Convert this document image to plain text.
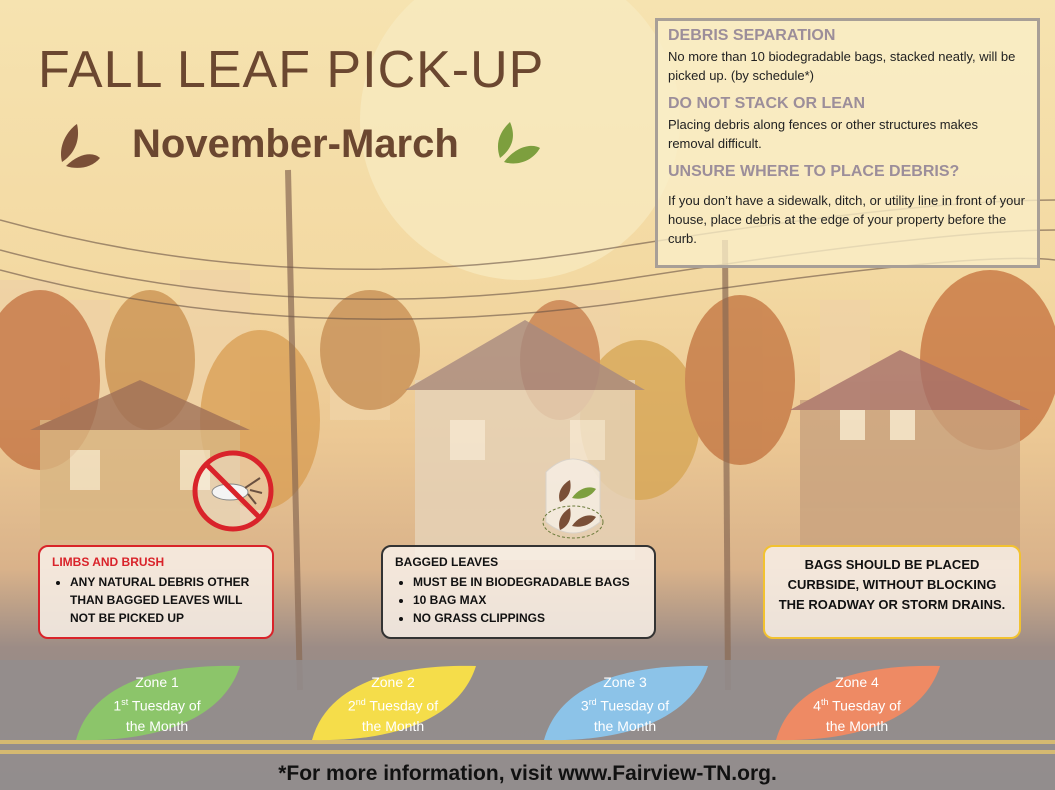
FALL LEAF PICK-UP
November-March
DEBRIS SEPARATION

No more than 10 biodegradable bags, stacked neatly, will be picked up. (by schedule*)

DO NOT STACK OR LEAN

Placing debris along fences or other structures makes removal difficult.

UNSURE WHERE TO PLACE DEBRIS?

If you don’t have a sidewalk, ditch, or utility line in front of your house, place debris at the edge of your property before the curb.

LIMBS AND BRUSH
• ANY NATURAL DEBRIS OTHER THAN BAGGED LEAVES WILL NOT BE PICKED UP
BAGGED LEAVES
• MUST BE IN BIODEGRADABLE BAGS
• 10 BAG MAX
• NO GRASS CLIPPINGS
BAGS SHOULD BE PLACED CURBSIDE, WITHOUT BLOCKING THE ROADWAY OR STORM DRAINS.
Zone 1
1st Tuesday of
the Month
Zone 2
2nd Tuesday of
the Month
Zone 3
3rd Tuesday of
the Month
Zone 4
4th Tuesday of
the Month
*For more information, visit www.Fairview-TN.org.
